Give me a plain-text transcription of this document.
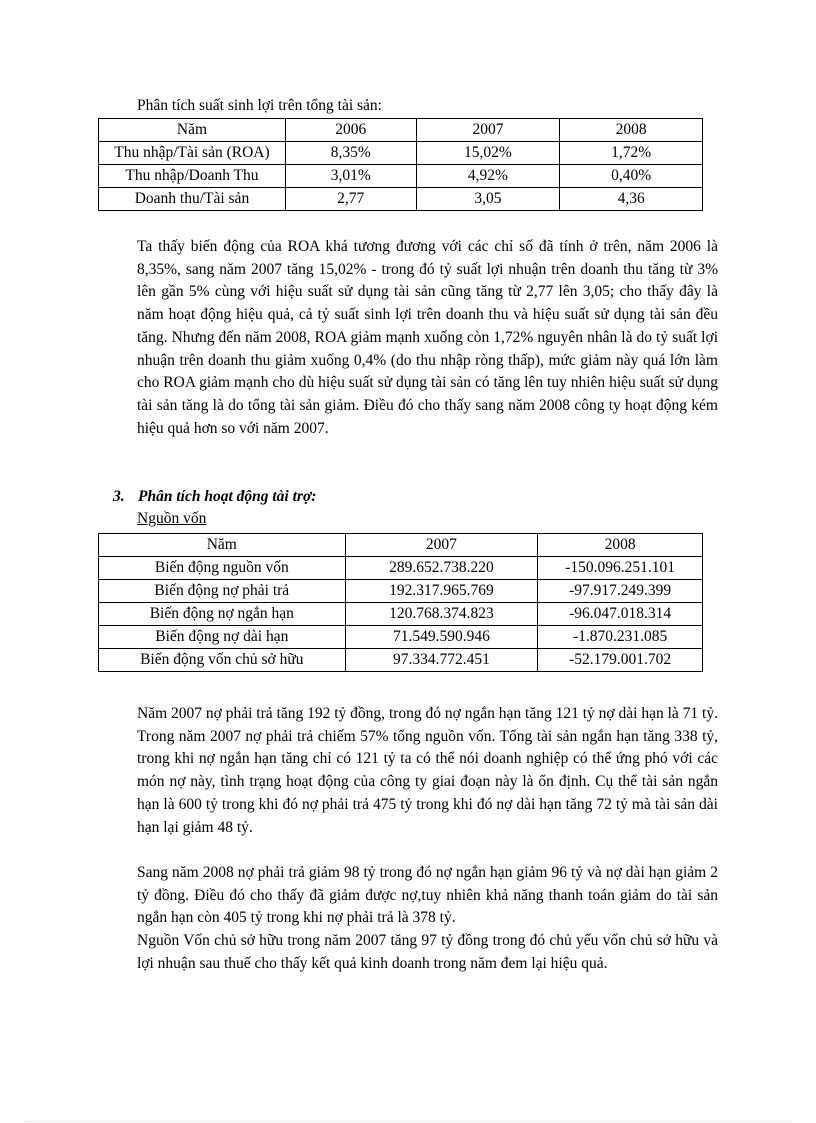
Phân tích suất sinh lợi trên tổng tài sản:
Năm	2006	2007	2008
Thu nhập/Tài sản (ROA)	8,35%	15,02%	1,72%
Thu nhập/Doanh Thu	3,01%	4,92%	0,40%
Doanh thu/Tài sản	2,77	3,05	4,36

Ta thấy biến động của ROA khá tương đương với các chỉ số đã tính ở trên, năm 2006 là 8,35%, sang năm 2007 tăng 15,02% - trong đó tỷ suất lợi nhuận trên doanh thu tăng từ 3% lên gần 5% cùng với hiệu suất sử dụng tài sản cũng tăng từ 2,77 lên 3,05; cho thấy đây là năm hoạt động hiệu quả, cả tỷ suất sinh lợi trên doanh thu và hiệu suất sử dụng tài sản đều tăng. Nhưng đến năm 2008, ROA giảm mạnh xuống còn 1,72% nguyên nhân là do tỷ suất lợi nhuận trên doanh thu giảm xuống 0,4% (do thu nhập ròng thấp), mức giảm này quá lớn làm cho ROA giảm mạnh cho dù hiệu suất sử dụng tài sản có tăng lên tuy nhiên hiệu suất sử dụng tài sản tăng là do tổng tài sản giảm. Điều đó cho thấy sang năm 2008 công ty hoạt động kém hiệu quả hơn so với năm 2007.

3. Phân tích hoạt động tài trợ:
Nguồn vốn
Năm	2007	2008
Biến động nguồn vốn	289.652.738.220	-150.096.251.101
Biến động nợ phải trả	192.317.965.769	-97.917.249.399
Biến động nợ ngắn hạn	120.768.374.823	-96.047.018.314
Biến động nợ dài hạn	71.549.590.946	-1.870.231.085
Biến động vốn chủ sở hữu	97.334.772.451	-52.179.001.702

Năm 2007 nợ phải trả tăng 192 tỷ đồng, trong đó nợ ngắn hạn tăng 121 tỷ nợ dài hạn là 71 tỷ. Trong năm 2007 nợ phải trả chiếm 57% tổng nguồn vốn. Tổng tài sản ngắn hạn tăng 338 tỷ, trong khi nợ ngắn hạn tăng chỉ có 121 tỷ ta có thể nói doanh nghiệp có thể ứng phó với các món nợ này, tình trạng hoạt động của công ty giai đoạn này là ổn định. Cụ thể tài sản ngắn hạn là 600 tỷ trong khi đó nợ phải trả 475 tỷ trong khi đó nợ dài hạn tăng 72 tỷ mà tài sản dài hạn lại giảm 48 tỷ.

Sang năm 2008 nợ phải trả giảm 98 tỷ trong đó nợ ngắn hạn giảm 96 tỷ và nợ dài hạn giảm 2 tỷ đồng. Điều đó cho thấy đã giảm được nợ,tuy nhiên khả năng thanh toán giảm do tài sản ngắn hạn còn 405 tỷ trong khi nợ phải trả là 378 tỷ.

Nguồn Vốn chủ sở hữu trong năm 2007 tăng 97 tỷ đồng trong đó chủ yếu vốn chủ sở hữu và lợi nhuận sau thuế cho thấy kết quả kinh doanh trong năm đem lại hiệu quả.
